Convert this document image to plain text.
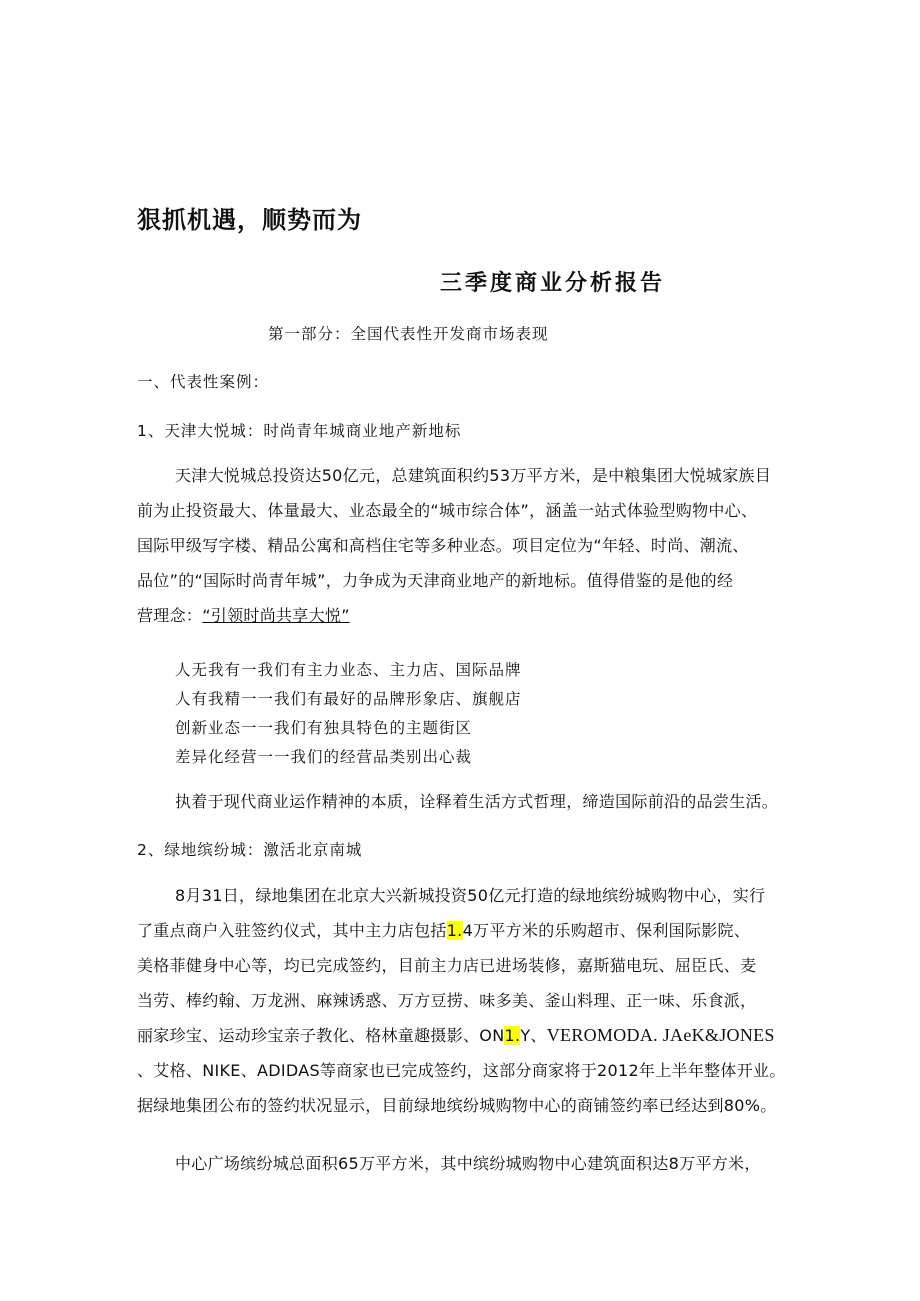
狠抓机遇，顺势而为
三季度商业分析报告
第一部分：全国代表性开发商市场表现
一、代表性案例：
1、天津大悦城：时尚青年城商业地产新地标
天津大悦城总投资达50亿元，总建筑面积约53万平方米，是中粮集团大悦城家族目
前为止投资最大、体量最大、业态最全的“城市综合体”，涵盖一站式体验型购物中心、
国际甲级写字楼、精品公寓和高档住宅等多种业态。项目定位为“年轻、时尚、潮流、
品位”的“国际时尚青年城”，力争成为天津商业地产的新地标。值得借鉴的是他的经
营理念：“引领时尚共享大悦”
人无我有一我们有主力业态、主力店、国际品牌
人有我精一一我们有最好的品牌形象店、旗舰店
创新业态一一我们有独具特色的主题街区
差异化经营一一我们的经营品类别出心裁
执着于现代商业运作精神的本质，诠释着生活方式哲理，缔造国际前沿的品尝生活。
2、绿地缤纷城：激活北京南城
8月31日，绿地集团在北京大兴新城投资50亿元打造的绿地缤纷城购物中心，实行
了重点商户入驻签约仪式，其中主力店包括1.4万平方米的乐购超市、保利国际影院、
美格菲健身中心等，均已完成签约，目前主力店已进场装修，嘉斯猫电玩、屈臣氏、麦
当劳、棒约翰、万龙洲、麻辣诱惑、万方豆捞、味多美、釜山料理、正一味、乐食派，
丽家珍宝、运动珍宝亲子教化、格林童趣摄影、ON1.Y、VEROMODA. JAeK&JONES
、艾格、NIKE、ADIDAS等商家也已完成签约，这部分商家将于2012年上半年整体开业。
据绿地集团公布的签约状况显示，目前绿地缤纷城购物中心的商铺签约率已经达到80%。
中心广场缤纷城总面积65万平方米，其中缤纷城购物中心建筑面积达8万平方米，
